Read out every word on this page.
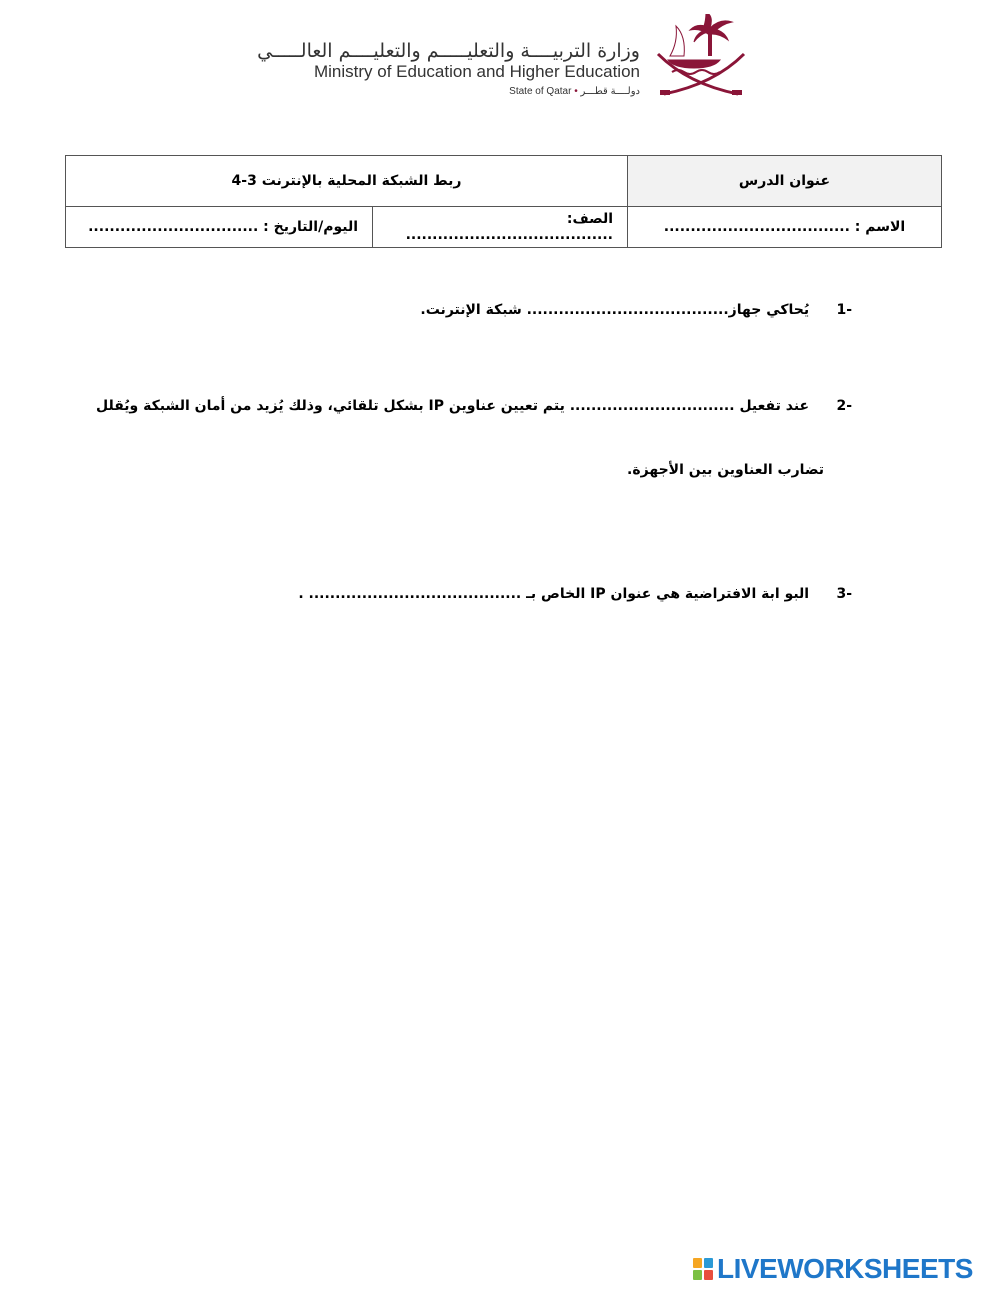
وزارة التربيــــة والتعليـــــم والتعليــــم العالـــــي
Ministry of Education and Higher Education
State of Qatar • دولــــة قطـــر
عنوان الدرس	ربط الشبكة المحلية بالإنترنت 3-4	
الاسم : ...................................	الصف: .......................................	اليوم/التاريخ : ................................
-1 يُحاكي جهاز...................................... شبكة الإنترنت.
-2 عند تفعيل ............................... يتم تعيين عناوين IP بشكل تلقائي، وذلك يُزيد من أمان الشبكة ويُقلل
تضارب العناوين بين الأجهزة.
-3 البو ابة الافتراضية هي عنوان IP الخاص بـ ........................................ .
LIVEWORKSHEETS
